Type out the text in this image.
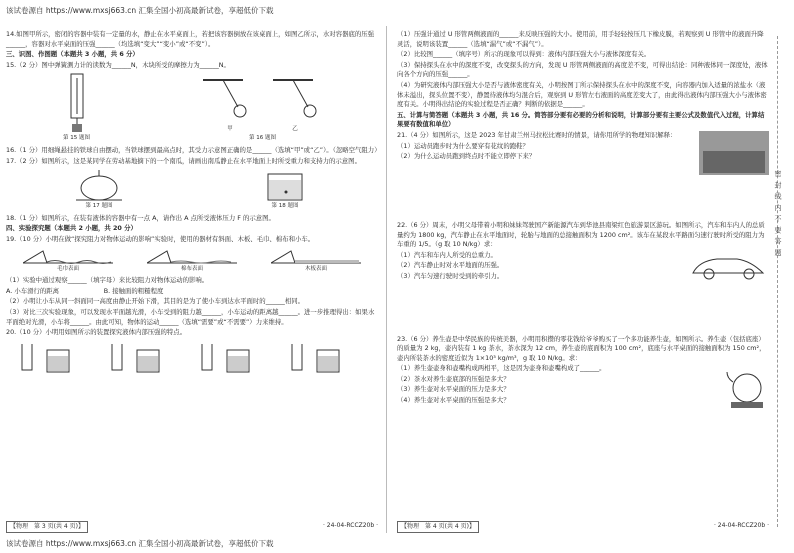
该试卷源自 https://www.mxsj663.cn 汇集全国小初高最新试卷，享超低价下载

14.如图甲所示，密闭的容器中装有一定量的水，静止在水平桌面上，若把该容器倒放在该桌面上，如图乙所示，水对容器底的压强______，容器对水平桌面的压强______（均选填“变大”“变小”或“不变”）。

三、识图、作图题（本题共 3 小题，共 6 分）

15.（2 分）图中弹簧测力计的读数为______N，木块所受的摩擦力为______N。

第 15 题图
甲	乙
第 16 题图

16.（1 分）用细绳悬挂的铁球自由摆动，当铁球摆到最高点时，其受力示意图正确的是______（选填“甲”或“乙”）。（忽略空气阻力）

17.（2 分）如图所示，这是某同学在劳动基地摘下的一个南瓜，请画出南瓜静止在水平地面上时所受重力和支持力的示意图。

第 17 题图	第 18 题图

18.（1 分）如图所示，在装有液体的容器中有一点 A，请作出 A 点所受液体压力 F 的示意图。

四、实验探究题（本题共 2 小题，共 20 分）

19.（10 分）小明在做“探究阻力对物体运动的影响”实验时，使用的器材有斜面、木板、毛巾、棉布和小车。

毛巾表面	棉布表面	木板表面

（1）实验中通过观察______（填字母）来比较阻力对物体运动的影响。

A. 小车滑行的距离　　　　　　　B. 接触面的粗糙程度

（2）小明让小车从同一斜面同一高度由静止开始下滑，其目的是为了使小车到达水平面时的______相同。

（3）对比三次实验现象，可以发现水平面越光滑，小车受到的阻力越______，小车运动的距离越______。进一步推理得出：如果水平面绝对光滑，小车将______。由此可知，物体的运动______（选填“需要”或“不需要”）力来维持。

20.（10 分）小明用如图所示的装置探究液体内部压强的特点。

【物理　第 3 页(共 4 页)】	· 24-04-RCCZ20b ·

（1）压强计通过 U 形管两侧液面的______来反映压强的大小。使用前，用手轻轻按压几下橡皮膜，若观察到 U 形管中的液面升降灵活，说明该装置______（选填“漏气”或“不漏气”）。

（2）比较图______（填序号）所示的现象可以得到：液体内部压强大小与液体深度有关。

（3）保持探头在水中的深度不变，改变探头的方向，发现 U 形管两侧液面的高度差不变，可得出结论：同种液体同一深度处，液体向各个方向的压强______。

（4）为研究液体内部压强大小是否与液体密度有关，小明按图丁所示保持探头在水中的深度不变，向容器内加入适量的浓盐水（液体未溢出，探头位置不变），静置待液体均匀混合后，观察到 U 形管左右液面的高度差变大了，由此得出液体内部压强大小与液体密度有关。小明得出结论的实验过程是否正确？判断的依据是______。

五、计算与简答题（本题共 3 小题，共 16 分。简答部分要有必要的分析和说明，计算部分要有主要公式及数值代入过程，计算结果要有数值和单位）

21.（4 分）如图所示，这是 2023 年甘肃兰州马拉松比赛时的情景，请你用所学的物理知识解释：

（1）运动员跑步时为什么要穿有花纹的跑鞋？

（2）为什么运动员跑到终点时不能立即停下来？

22.（6 分）周末，小明父母带着小明和妹妹驾驶国产新能源汽车到华池县南梁红色旅游景区游玩。如图所示，汽车和车内人的总质量约为 1800 kg，汽车静止在水平地面时，轮胎与地面的总接触面积为 1200 cm²。该车在某段水平路面匀速行驶时所受的阻力为车重的 1/5。（g 取 10 N/kg）求：

（1）汽车和车内人所受的总重力。

（2）汽车静止时对水平地面的压强。

（3）汽车匀速行驶时受到的牵引力。

23.（6 分）养生壶是中华民族的传统美器，小明用积攒的零花钱给爷爷购买了一个多功能养生壶，如图所示。养生壶（包括底座）的质量为 2 kg，壶内装有 1 kg 茶水，茶水深为 12 cm，养生壶的底面积为 100 cm²，底座与水平桌面的接触面积为 150 cm²，壶内所装茶水的密度近似为 1×10³ kg/m³，g 取 10 N/kg。求：

（1）养生壶壶身和壶嘴构成两相平，这是因为壶身和壶嘴构成了______。

（2）茶水对养生壶底部的压强是多大？

（3）养生壶对水平桌面的压力是多大？

（4）养生壶对水平桌面的压强是多大？

【物理　第 4 页(共 4 页)】	· 24-04-RCCZ20b ·
密 封 线 内 不 要 答 题
该试卷源自 https://www.mxsj663.cn 汇集全国小初高最新试卷，享超低价下载
